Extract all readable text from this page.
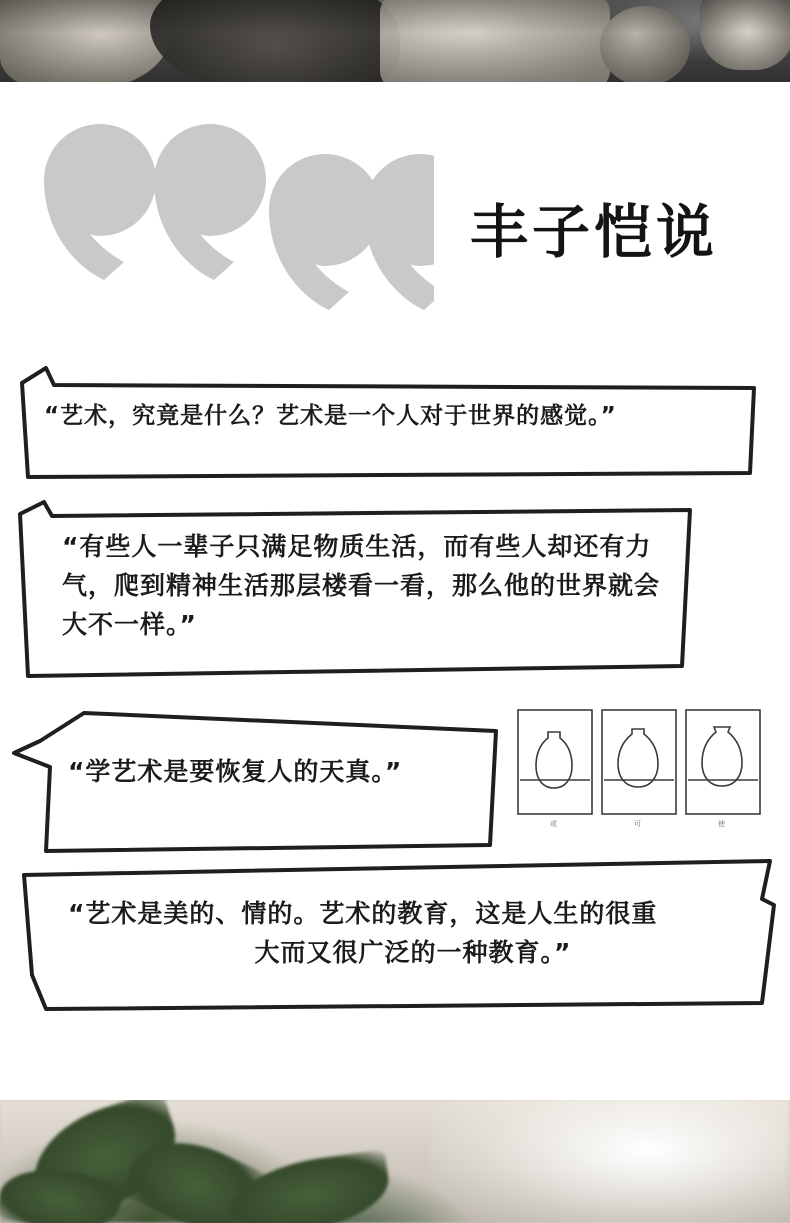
丰子恺说
“艺术，究竟是什么？艺术是一个人对于世界的感觉。”
“有些人一辈子只满足物质生活，而有些人却还有力气，爬到精神生活那层楼看一看，那么他的世界就会大不一样。”
“学艺术是要恢复人的天真。”
“艺术是美的、情的。艺术的教育，这是人生的很重
大而又很广泛的一种教育。”
或	可	使
